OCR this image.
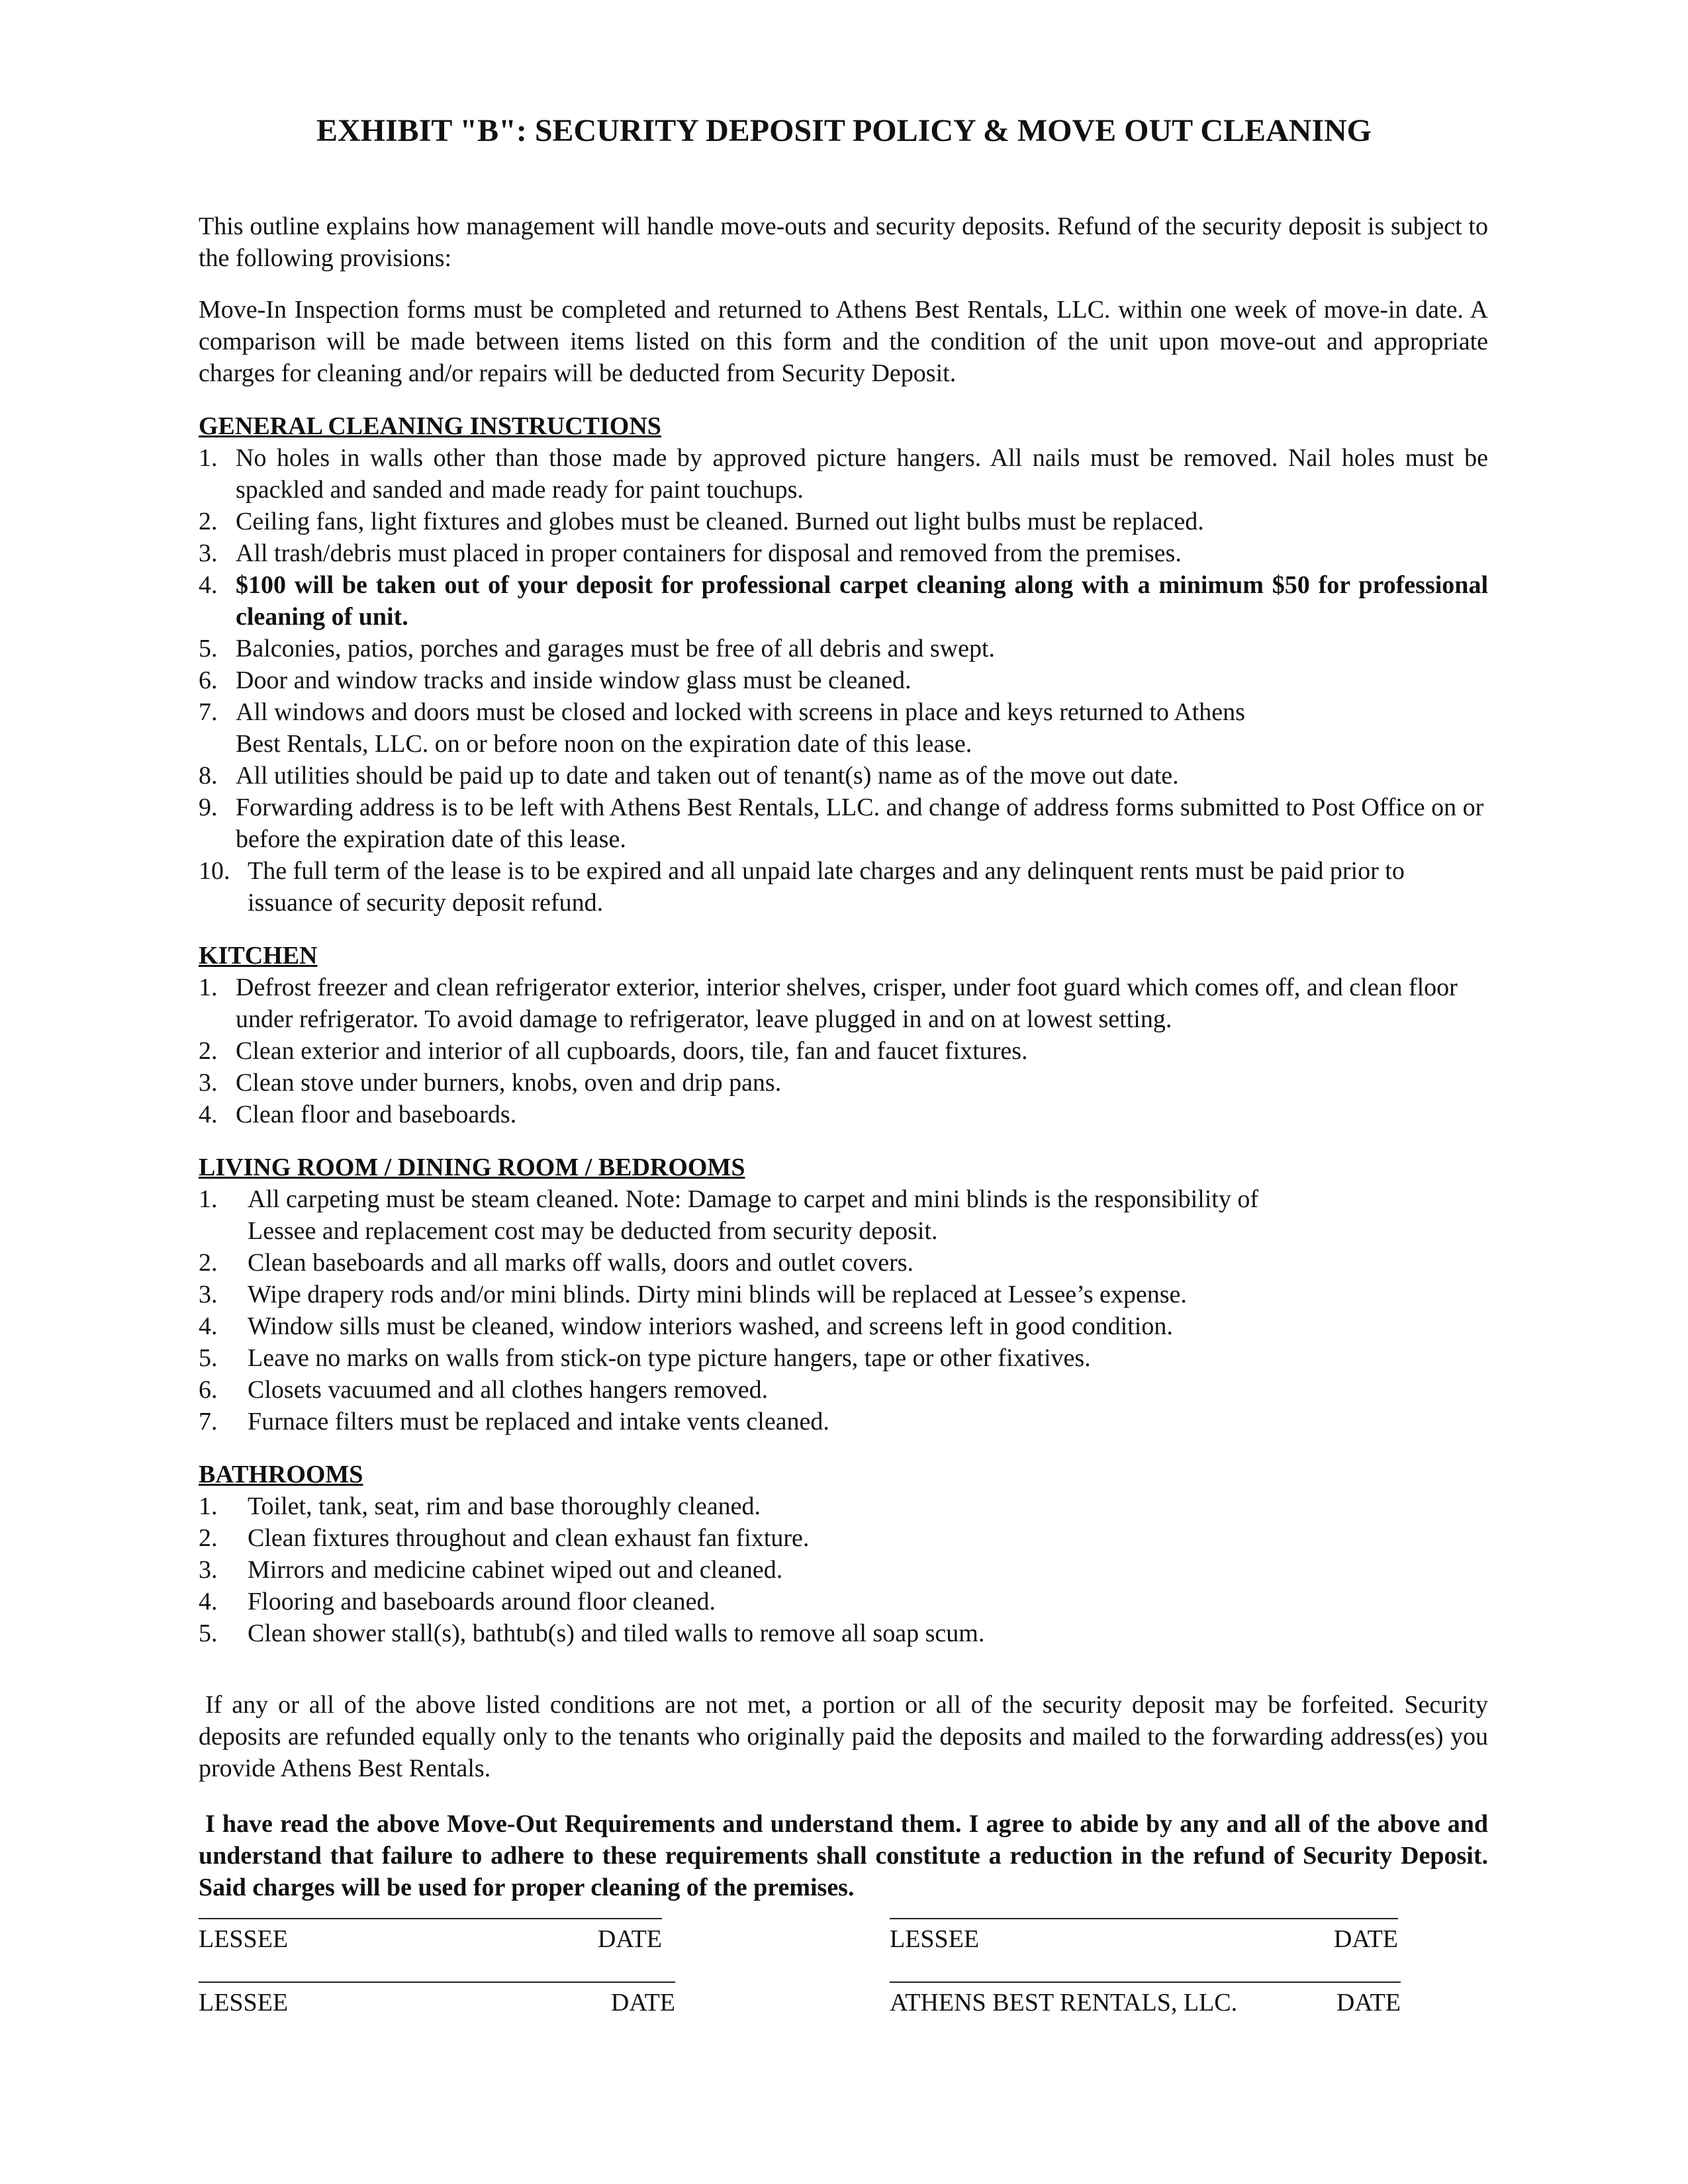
EXHIBIT "B": SECURITY DEPOSIT POLICY & MOVE OUT CLEANING

This outline explains how management will handle move-outs and security deposits. Refund of the security deposit is subject to the following provisions:

Move-In Inspection forms must be completed and returned to Athens Best Rentals, LLC. within one week of move-in date. A comparison will be made between items listed on this form and the condition of the unit upon move-out and appropriate charges for cleaning and/or repairs will be deducted from Security Deposit.

GENERAL CLEANING INSTRUCTIONS

1. No holes in walls other than those made by approved picture hangers. All nails must be removed. Nail holes must be spackled and sanded and made ready for paint touchups.
2. Ceiling fans, light fixtures and globes must be cleaned. Burned out light bulbs must be replaced.
3. All trash/debris must placed in proper containers for disposal and removed from the premises.
4. $100 will be taken out of your deposit for professional carpet cleaning along with a minimum $50 for professional cleaning of unit.
5. Balconies, patios, porches and garages must be free of all debris and swept.
6. Door and window tracks and inside window glass must be cleaned.
7. All windows and doors must be closed and locked with screens in place and keys returned to Athens Best Rentals, LLC. on or before noon on the expiration date of this lease.
8. All utilities should be paid up to date and taken out of tenant(s) name as of the move out date.
9. Forwarding address is to be left with Athens Best Rentals, LLC. and change of address forms submitted to Post Office on or before the expiration date of this lease.
10. The full term of the lease is to be expired and all unpaid late charges and any delinquent rents must be paid prior to issuance of security deposit refund.

KITCHEN

1. Defrost freezer and clean refrigerator exterior, interior shelves, crisper, under foot guard which comes off, and clean floor under refrigerator. To avoid damage to refrigerator, leave plugged in and on at lowest setting.
2. Clean exterior and interior of all cupboards, doors, tile, fan and faucet fixtures.
3. Clean stove under burners, knobs, oven and drip pans.
4. Clean floor and baseboards.

LIVING ROOM / DINING ROOM / BEDROOMS

1.	All carpeting must be steam cleaned. Note: Damage to carpet and mini blinds is the responsibility of Lessee and replacement cost may be deducted from security deposit.
2.	Clean baseboards and all marks off walls, doors and outlet covers.
3.	Wipe drapery rods and/or mini blinds. Dirty mini blinds will be replaced at Lessee’s expense.
4.	Window sills must be cleaned, window interiors washed, and screens left in good condition.
5.	Leave no marks on walls from stick-on type picture hangers, tape or other fixatives.
6.	Closets vacuumed and all clothes hangers removed.
7.	Furnace filters must be replaced and intake vents cleaned.

BATHROOMS

1.	Toilet, tank, seat, rim and base thoroughly cleaned.
2.	Clean fixtures throughout and clean exhaust fan fixture.
3.	Mirrors and medicine cabinet wiped out and cleaned.
4.	Flooring and baseboards around floor cleaned.
5.	Clean shower stall(s), bathtub(s) and tiled walls to remove all soap scum.

If any or all of the above listed conditions are not met, a portion or all of the security deposit may be forfeited. Security deposits are refunded equally only to the tenants who originally paid the deposits and mailed to the forwarding address(es) you provide Athens Best Rentals.

I have read the above Move-Out Requirements and understand them. I agree to abide by any and all of the above and understand that failure to adhere to these requirements shall constitute a reduction in the refund of Security Deposit. Said charges will be used for proper cleaning of the premises.

LESSEE	DATE	LESSEE	DATE
LESSEE	DATE	ATHENS BEST RENTALS, LLC.	DATE
